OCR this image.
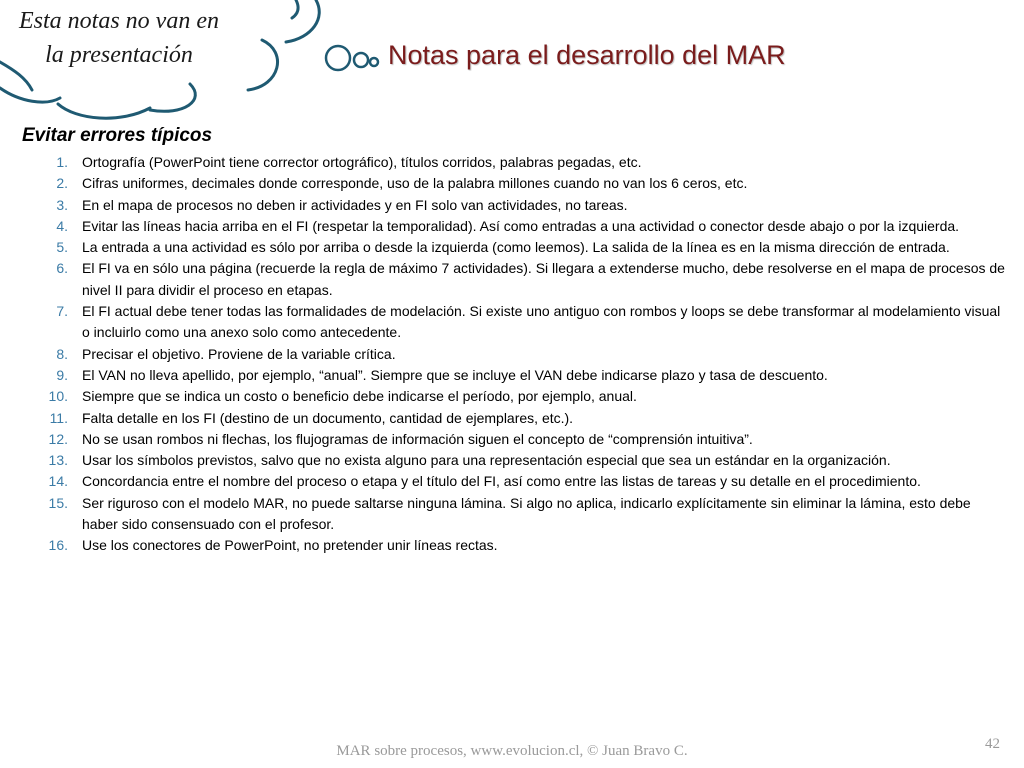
Esta notas no van en
la presentación	Notas para el desarrollo del MAR
Evitar errores típicos
1. Ortografía (PowerPoint tiene corrector ortográfico), títulos corridos, palabras pegadas, etc.
2. Cifras uniformes, decimales donde corresponde, uso de la palabra millones cuando no van los 6 ceros, etc.
3. En el mapa de procesos no deben ir actividades y en FI solo van actividades, no tareas.
4. Evitar las líneas hacia arriba en el FI (respetar la temporalidad). Así como entradas a una actividad o conector desde abajo o por la izquierda.
5. La entrada a una actividad es sólo por arriba o desde la izquierda (como leemos). La salida de la línea es en la misma dirección de entrada.
6. El FI va en sólo una página (recuerde la regla de máximo 7 actividades). Si llegara a extenderse mucho, debe resolverse en el mapa de procesos de nivel II para dividir el proceso en etapas.
7. El FI actual debe tener todas las formalidades de modelación. Si existe uno antiguo con rombos y loops se debe transformar al modelamiento visual o incluirlo como una anexo solo como antecedente.
8. Precisar el objetivo. Proviene de la variable crítica.
9. El VAN no lleva apellido, por ejemplo, “anual”. Siempre que se incluye el VAN debe indicarse plazo y tasa de descuento.
10. Siempre que se indica un costo o beneficio debe indicarse el período, por ejemplo, anual.
11. Falta detalle en los FI (destino de un documento, cantidad de ejemplares, etc.).
12. No se usan rombos ni flechas, los flujogramas de información siguen el concepto de “comprensión intuitiva”.
13. Usar los símbolos previstos, salvo que no exista alguno para una representación especial que sea un estándar en la organización.
14. Concordancia entre el nombre del proceso o etapa y el título del FI, así como entre las listas de tareas y su detalle en el procedimiento.
15. Ser riguroso con el modelo MAR, no puede saltarse ninguna lámina. Si algo no aplica, indicarlo explícitamente sin eliminar la lámina, esto debe haber sido consensuado con el profesor.
16. Use los conectores de PowerPoint, no pretender unir líneas rectas.
MAR sobre procesos, www.evolucion.cl, © Juan Bravo C.	42
